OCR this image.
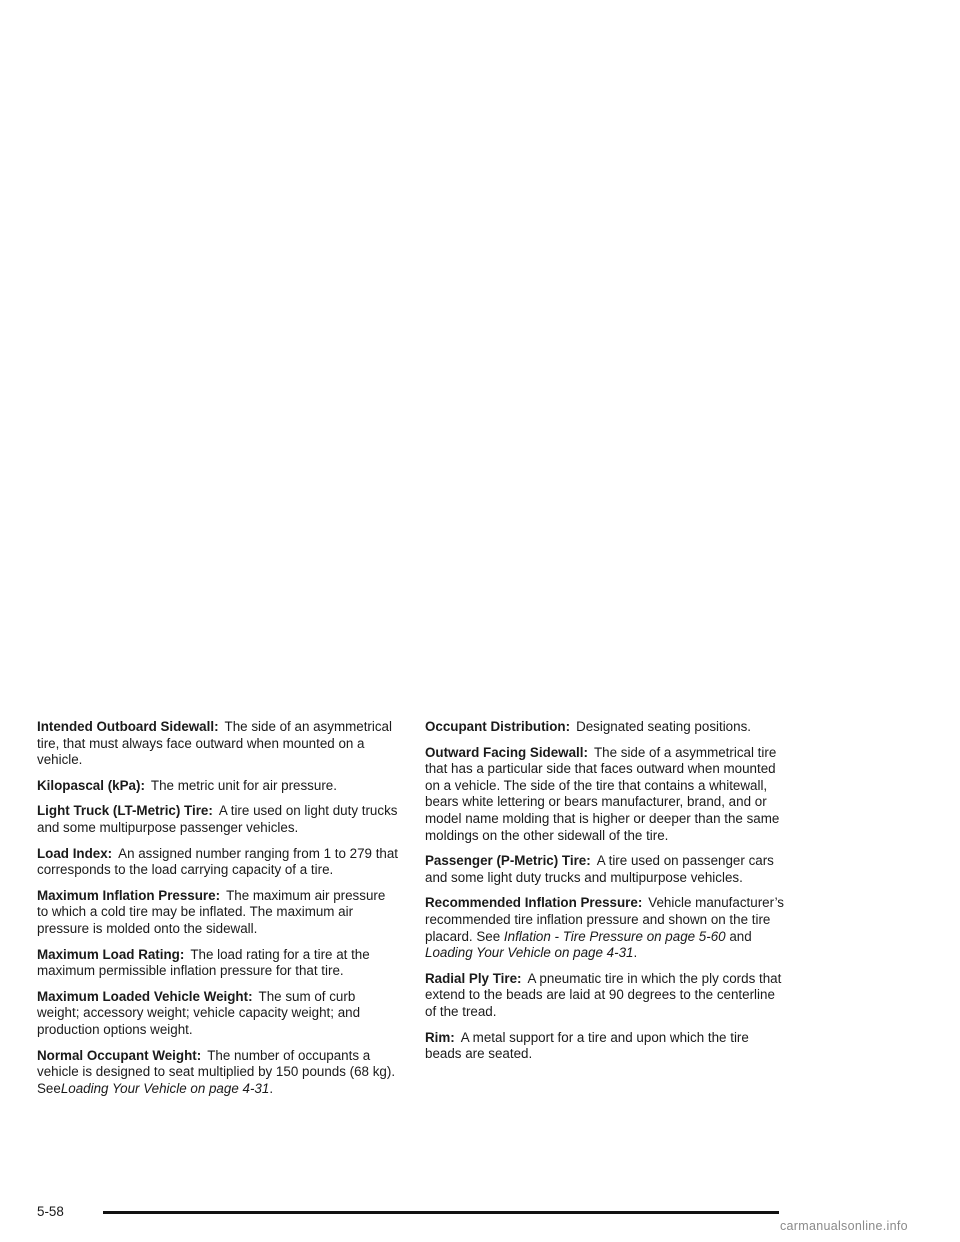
Intended Outboard Sidewall: The side of an asymmetrical tire, that must always face outward when mounted on a vehicle.

Kilopascal (kPa): The metric unit for air pressure.

Light Truck (LT-Metric) Tire: A tire used on light duty trucks and some multipurpose passenger vehicles.

Load Index: An assigned number ranging from 1 to 279 that corresponds to the load carrying capacity of a tire.

Maximum Inflation Pressure: The maximum air pressure to which a cold tire may be inflated. The maximum air pressure is molded onto the sidewall.

Maximum Load Rating: The load rating for a tire at the maximum permissible inflation pressure for that tire.

Maximum Loaded Vehicle Weight: The sum of curb weight; accessory weight; vehicle capacity weight; and production options weight.

Normal Occupant Weight: The number of occupants a vehicle is designed to seat multiplied by 150 pounds (68 kg). SeeLoading Your Vehicle on page 4-31.

Occupant Distribution: Designated seating positions.

Outward Facing Sidewall: The side of a asymmetrical tire that has a particular side that faces outward when mounted on a vehicle. The side of the tire that contains a whitewall, bears white lettering or bears manufacturer, brand, and or model name molding that is higher or deeper than the same moldings on the other sidewall of the tire.

Passenger (P-Metric) Tire: A tire used on passenger cars and some light duty trucks and multipurpose vehicles.

Recommended Inflation Pressure: Vehicle manufacturer’s recommended tire inflation pressure and shown on the tire placard. See Inflation - Tire Pressure on page 5-60 and Loading Your Vehicle on page 4-31.

Radial Ply Tire: A pneumatic tire in which the ply cords that extend to the beads are laid at 90 degrees to the centerline of the tread.

Rim: A metal support for a tire and upon which the tire beads are seated.

5-58
carmanualsonline.info
